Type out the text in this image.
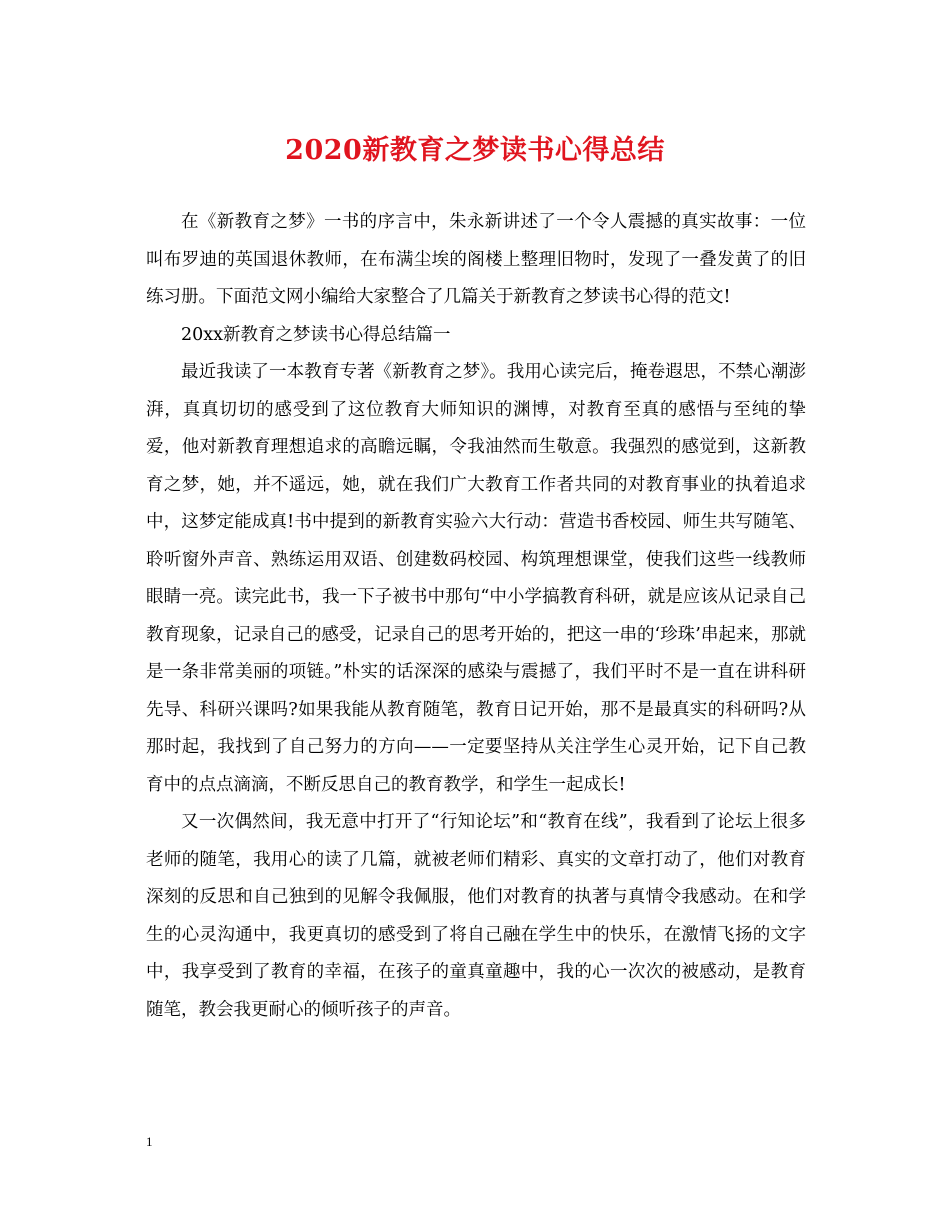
2020新教育之梦读书心得总结

在《新教育之梦》一书的序言中，朱永新讲述了一个令人震撼的真实故事：一位叫布罗迪的英国退休教师，在布满尘埃的阁楼上整理旧物时，发现了一叠发黄了的旧练习册。下面范文网小编给大家整合了几篇关于新教育之梦读书心得的范文!

20xx新教育之梦读书心得总结篇一

最近我读了一本教育专著《新教育之梦》。我用心读完后，掩卷遐思，不禁心潮澎湃，真真切切的感受到了这位教育大师知识的渊博，对教育至真的感悟与至纯的挚爱，他对新教育理想追求的高瞻远瞩，令我油然而生敬意。我强烈的感觉到，这新教育之梦，她，并不遥远，她，就在我们广大教育工作者共同的对教育事业的执着追求中，这梦定能成真!书中提到的新教育实验六大行动：营造书香校园、师生共写随笔、聆听窗外声音、熟练运用双语、创建数码校园、构筑理想课堂，使我们这些一线教师眼睛一亮。读完此书，我一下子被书中那句“中小学搞教育科研，就是应该从记录自己教育现象，记录自己的感受，记录自己的思考开始的，把这一串的‘珍珠’串起来，那就是一条非常美丽的项链。”朴实的话深深的感染与震撼了，我们平时不是一直在讲科研先导、科研兴课吗?如果我能从教育随笔，教育日记开始，那不是最真实的科研吗?从那时起，我找到了自己努力的方向——一定要坚持从关注学生心灵开始，记下自己教育中的点点滴滴，不断反思自己的教育教学，和学生一起成长!

又一次偶然间，我无意中打开了“行知论坛”和“教育在线”，我看到了论坛上很多老师的随笔，我用心的读了几篇，就被老师们精彩、真实的文章打动了，他们对教育深刻的反思和自己独到的见解令我佩服，他们对教育的执著与真情令我感动。在和学生的心灵沟通中，我更真切的感受到了将自己融在学生中的快乐，在激情飞扬的文字中，我享受到了教育的幸福，在孩子的童真童趣中，我的心一次次的被感动，是教育随笔，教会我更耐心的倾听孩子的声音。

1
